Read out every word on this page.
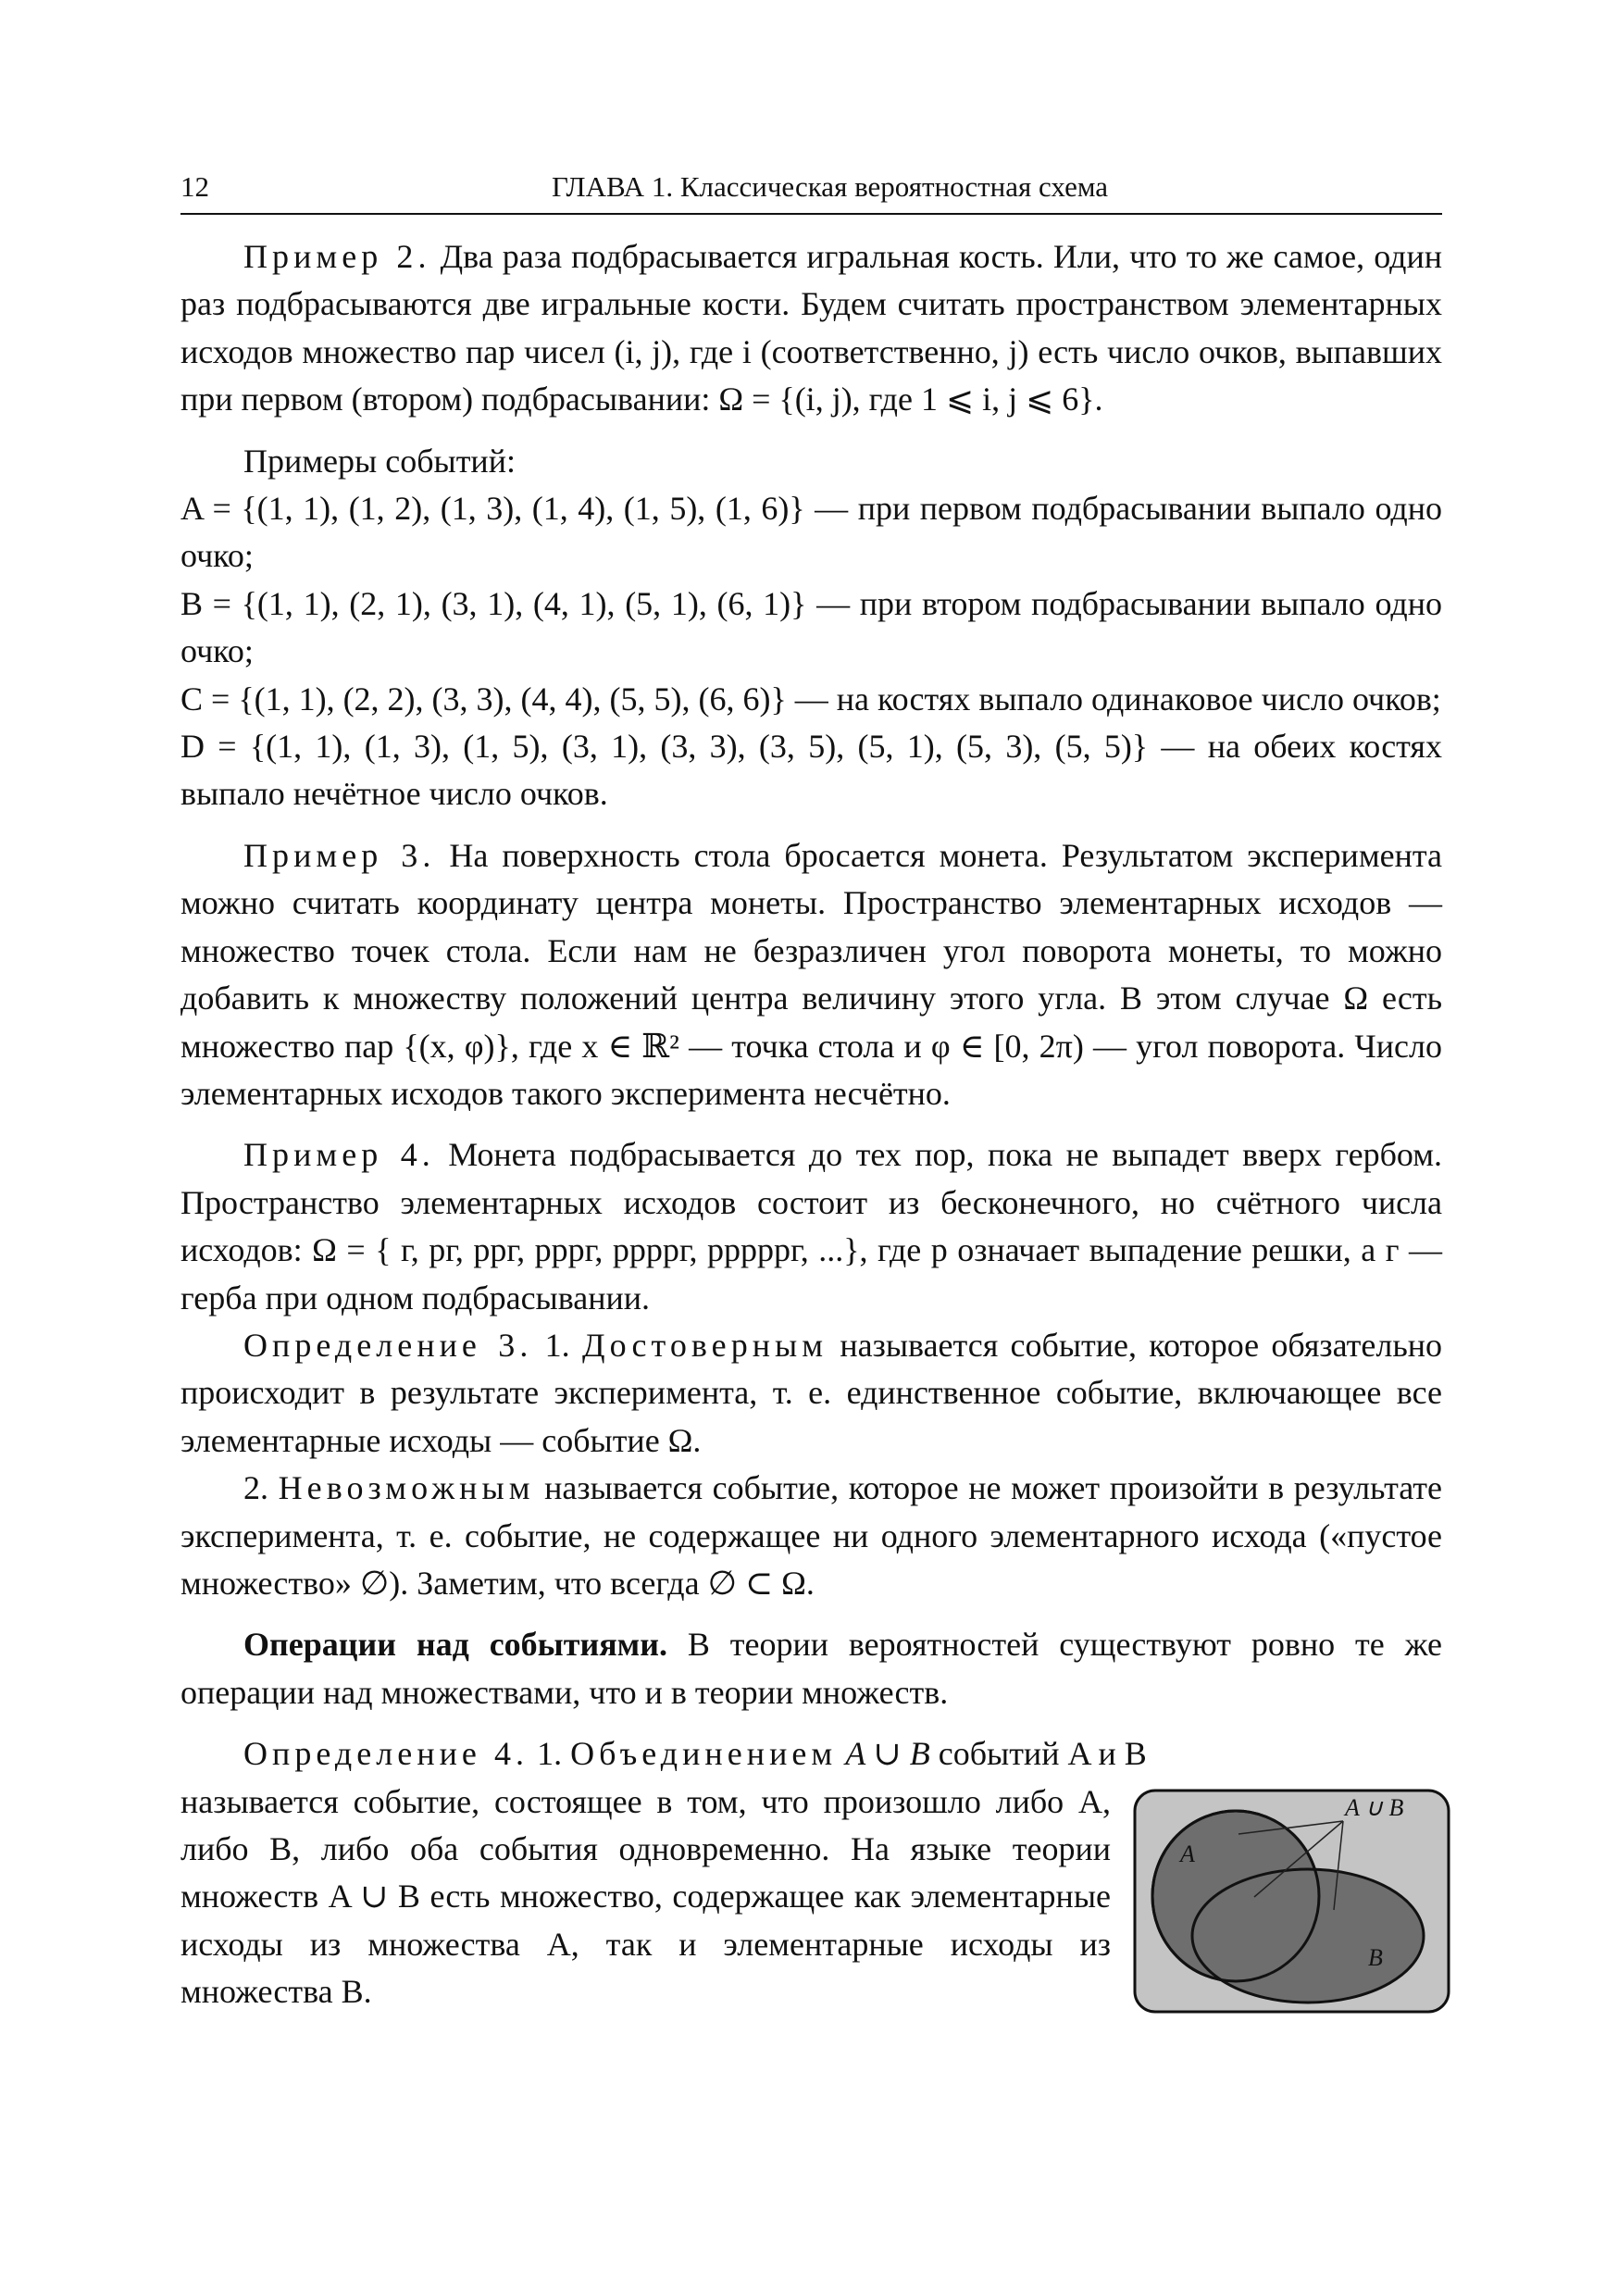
12	ГЛАВА 1. Классическая вероятностная схема

Пример 2. Два раза подбрасывается игральная кость. Или, что то же самое, один раз подбрасываются две игральные кости. Будем считать пространством элементарных исходов множество пар чисел (i, j), где i (соответственно, j) есть число очков, выпавших при первом (втором) подбрасывании: Ω = {(i, j), где 1 ⩽ i, j ⩽ 6}.

Примеры событий:

A = {(1, 1), (1, 2), (1, 3), (1, 4), (1, 5), (1, 6)} — при первом подбрасывании выпало одно очко;

B = {(1, 1), (2, 1), (3, 1), (4, 1), (5, 1), (6, 1)} — при втором подбрасывании выпало одно очко;

C = {(1, 1), (2, 2), (3, 3), (4, 4), (5, 5), (6, 6)} — на костях выпало одинаковое число очков;

D = {(1, 1), (1, 3), (1, 5), (3, 1), (3, 3), (3, 5), (5, 1), (5, 3), (5, 5)} — на обеих костях выпало нечётное число очков.

Пример 3. На поверхность стола бросается монета. Результатом эксперимента можно считать координату центра монеты. Пространство элементарных исходов — множество точек стола. Если нам не безразличен угол поворота монеты, то можно добавить к множеству положений центра величину этого угла. В этом случае Ω есть множество пар {(x, φ)}, где x ∈ ℝ² — точка стола и φ ∈ [0, 2π) — угол поворота. Число элементарных исходов такого эксперимента несчётно.

Пример 4. Монета подбрасывается до тех пор, пока не выпадет вверх гербом. Пространство элементарных исходов состоит из бесконечного, но счётного числа исходов: Ω = { г, рг, ррг, рррг, ррррг, рррррг, ...}, где р означает выпадение решки, а г — герба при одном подбрасывании.

Определение 3. 1. Достоверным называется событие, которое обязательно происходит в результате эксперимента, т. е. единственное событие, включающее все элементарные исходы — событие Ω.

2. Невозможным называется событие, которое не может произойти в результате эксперимента, т. е. событие, не содержащее ни одного элементарного исхода («пустое множество» ∅). Заметим, что всегда ∅ ⊂ Ω.

Операции над событиями. В теории вероятностей существуют ровно те же операции над множествами, что и в теории множеств.

Определение 4. 1. Объединением A ∪ B событий A и B

называется событие, состоящее в том, что произошло либо A, либо B, либо оба события одновременно. На языке теории множеств A ∪ B есть множество, содержащее как элементарные исходы из множества A, так и элементарные исходы из множества B.

A ∪ B
A
B
